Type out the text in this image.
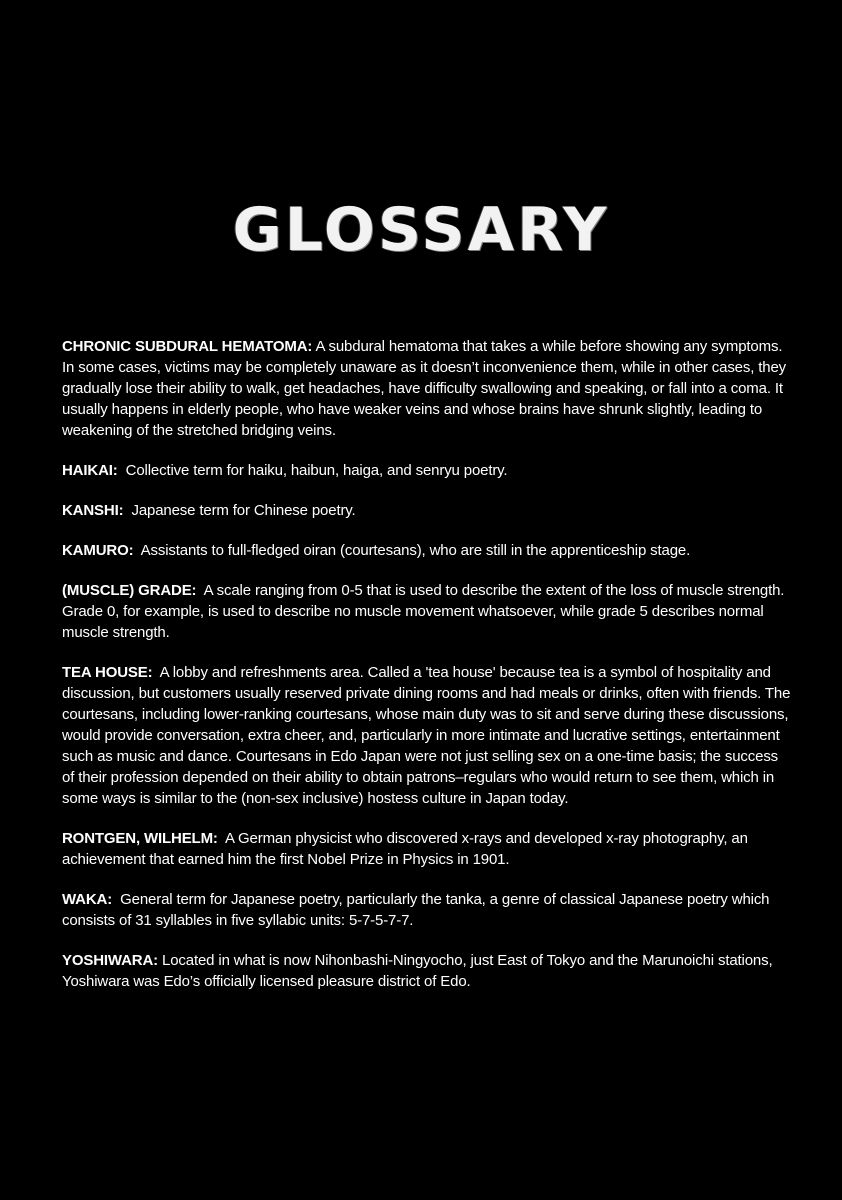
GLOSSARY

CHRONIC SUBDURAL HEMATOMA: A subdural hematoma that takes a while before showing any symptoms. In some cases, victims may be completely unaware as it doesn’t inconvenience them, while in other cases, they gradually lose their ability to walk, get headaches, have difficulty swallowing and speaking, or fall into a coma. It usually happens in elderly people, who have weaker veins and whose brains have shrunk slightly, leading to weakening of the stretched bridging veins.

HAIKAI: Collective term for haiku, haibun, haiga, and senryu poetry.

KANSHI: Japanese term for Chinese poetry.

KAMURO: Assistants to full-fledged oiran (courtesans), who are still in the apprenticeship stage.

(MUSCLE) GRADE: A scale ranging from 0-5 that is used to describe the extent of the loss of muscle strength. Grade 0, for example, is used to describe no muscle movement whatsoever, while grade 5 describes normal muscle strength.

TEA HOUSE: A lobby and refreshments area. Called a 'tea house' because tea is a symbol of hospitality and discussion, but customers usually reserved private dining rooms and had meals or drinks, often with friends. The courtesans, including lower-ranking courtesans, whose main duty was to sit and serve during these discussions, would provide conversation, extra cheer, and, particularly in more intimate and lucrative settings, entertainment such as music and dance. Courtesans in Edo Japan were not just selling sex on a one-time basis; the success of their profession depended on their ability to obtain patrons–regulars who would return to see them, which in some ways is similar to the (non-sex inclusive) hostess culture in Japan today.

RONTGEN, WILHELM: A German physicist who discovered x-rays and developed x-ray photography, an achievement that earned him the first Nobel Prize in Physics in 1901.

WAKA: General term for Japanese poetry, particularly the tanka, a genre of classical Japanese poetry which consists of 31 syllables in five syllabic units: 5-7-5-7-7.

YOSHIWARA: Located in what is now Nihonbashi-Ningyocho, just East of Tokyo and the Marunoichi stations, Yoshiwara was Edo’s officially licensed pleasure district of Edo.
